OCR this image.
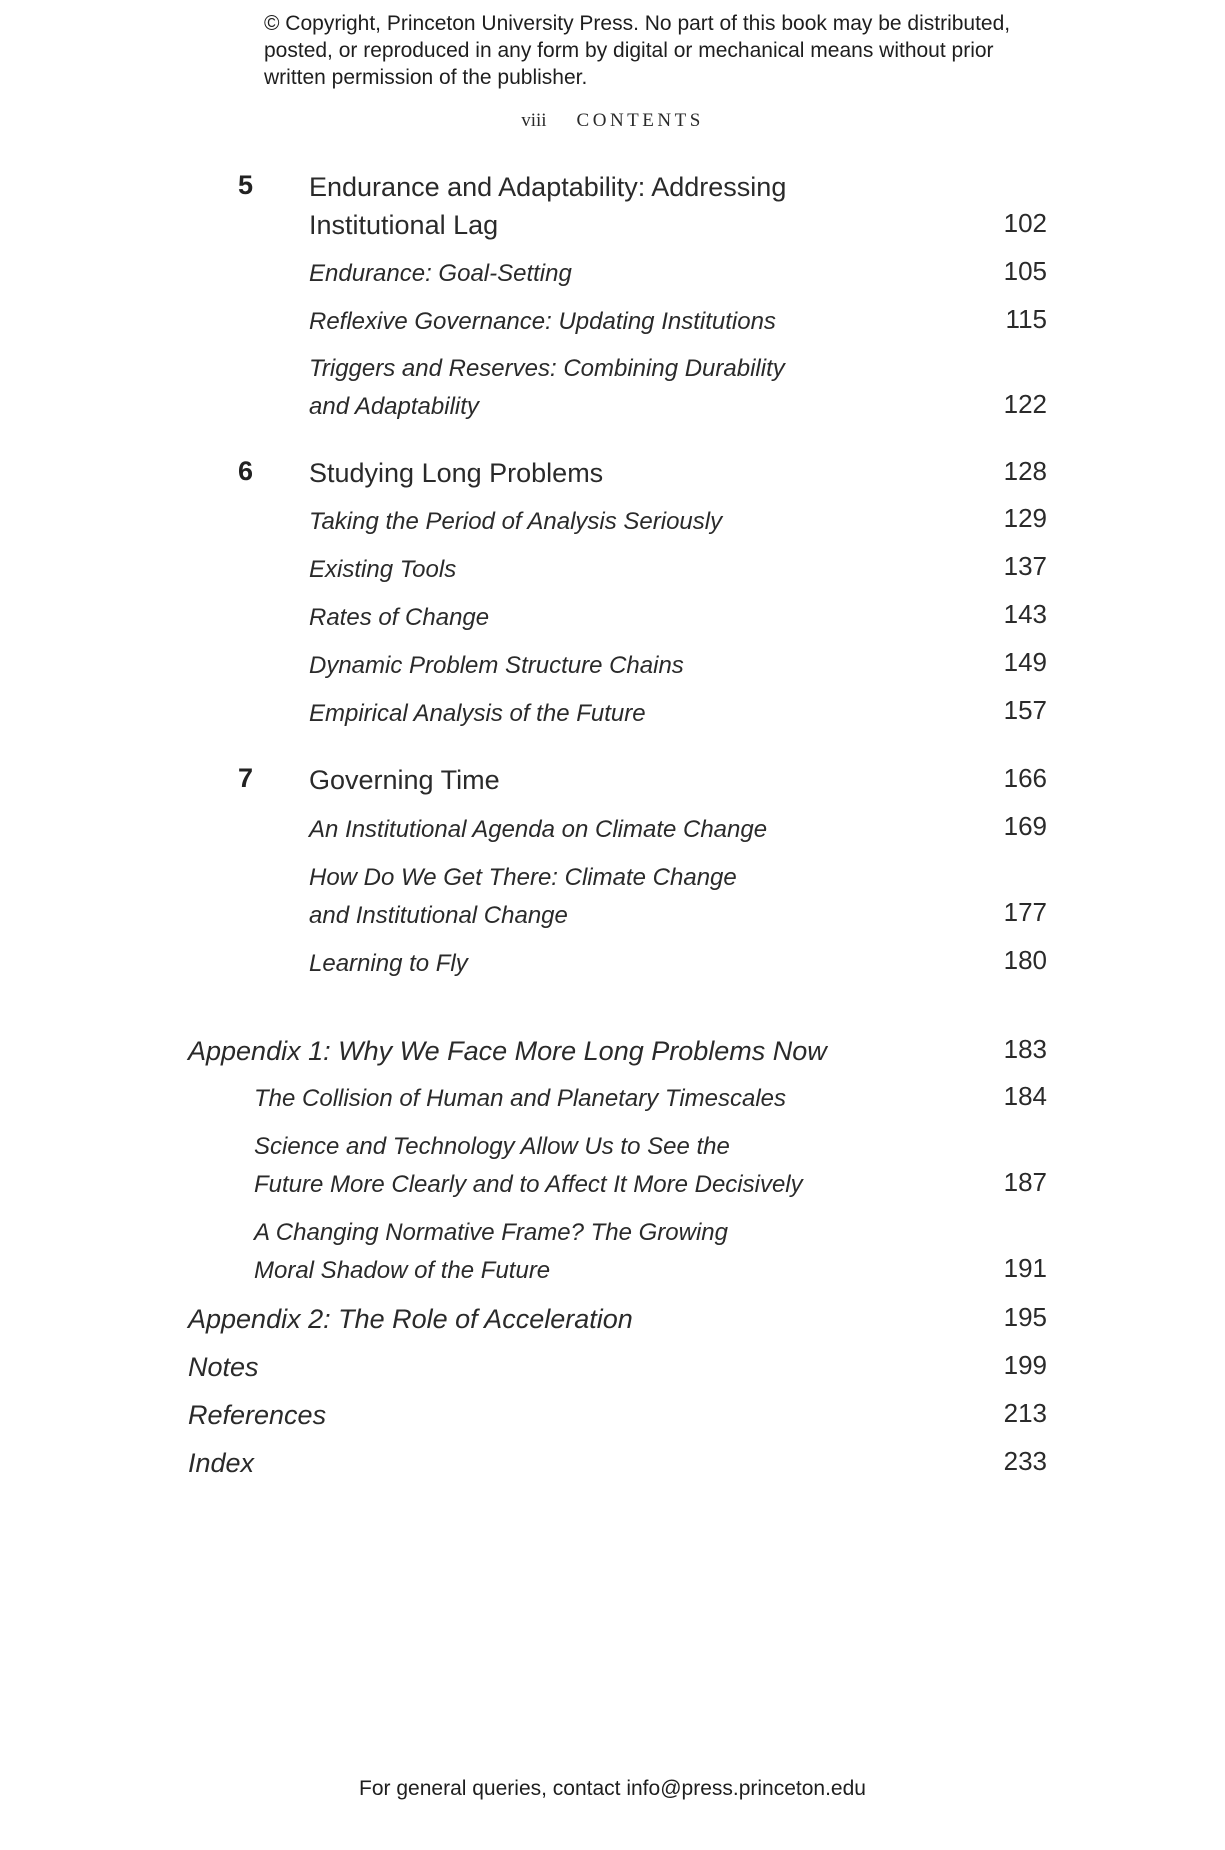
© Copyright, Princeton University Press. No part of this book may be distributed, posted, or reproduced in any form by digital or mechanical means without prior written permission of the publisher.
viii CONTENTS
5 Endurance and Adaptability: Addressing
Institutional Lag	102
Endurance: Goal-Setting	105
Reflexive Governance: Updating Institutions	115
Triggers and Reserves: Combining Durability
and Adaptability	122
6 Studying Long Problems	128
Taking the Period of Analysis Seriously	129
Existing Tools	137
Rates of Change	143
Dynamic Problem Structure Chains	149
Empirical Analysis of the Future	157
7 Governing Time	166
An Institutional Agenda on Climate Change	169
How Do We Get There: Climate Change
and Institutional Change	177
Learning to Fly	180
Appendix 1: Why We Face More Long Problems Now	183
The Collision of Human and Planetary Timescales	184
Science and Technology Allow Us to See the
Future More Clearly and to Affect It More Decisively	187
A Changing Normative Frame? The Growing
Moral Shadow of the Future	191
Appendix 2: The Role of Acceleration	195
Notes	199
References	213
Index	233
For general queries, contact info@press.princeton.edu
